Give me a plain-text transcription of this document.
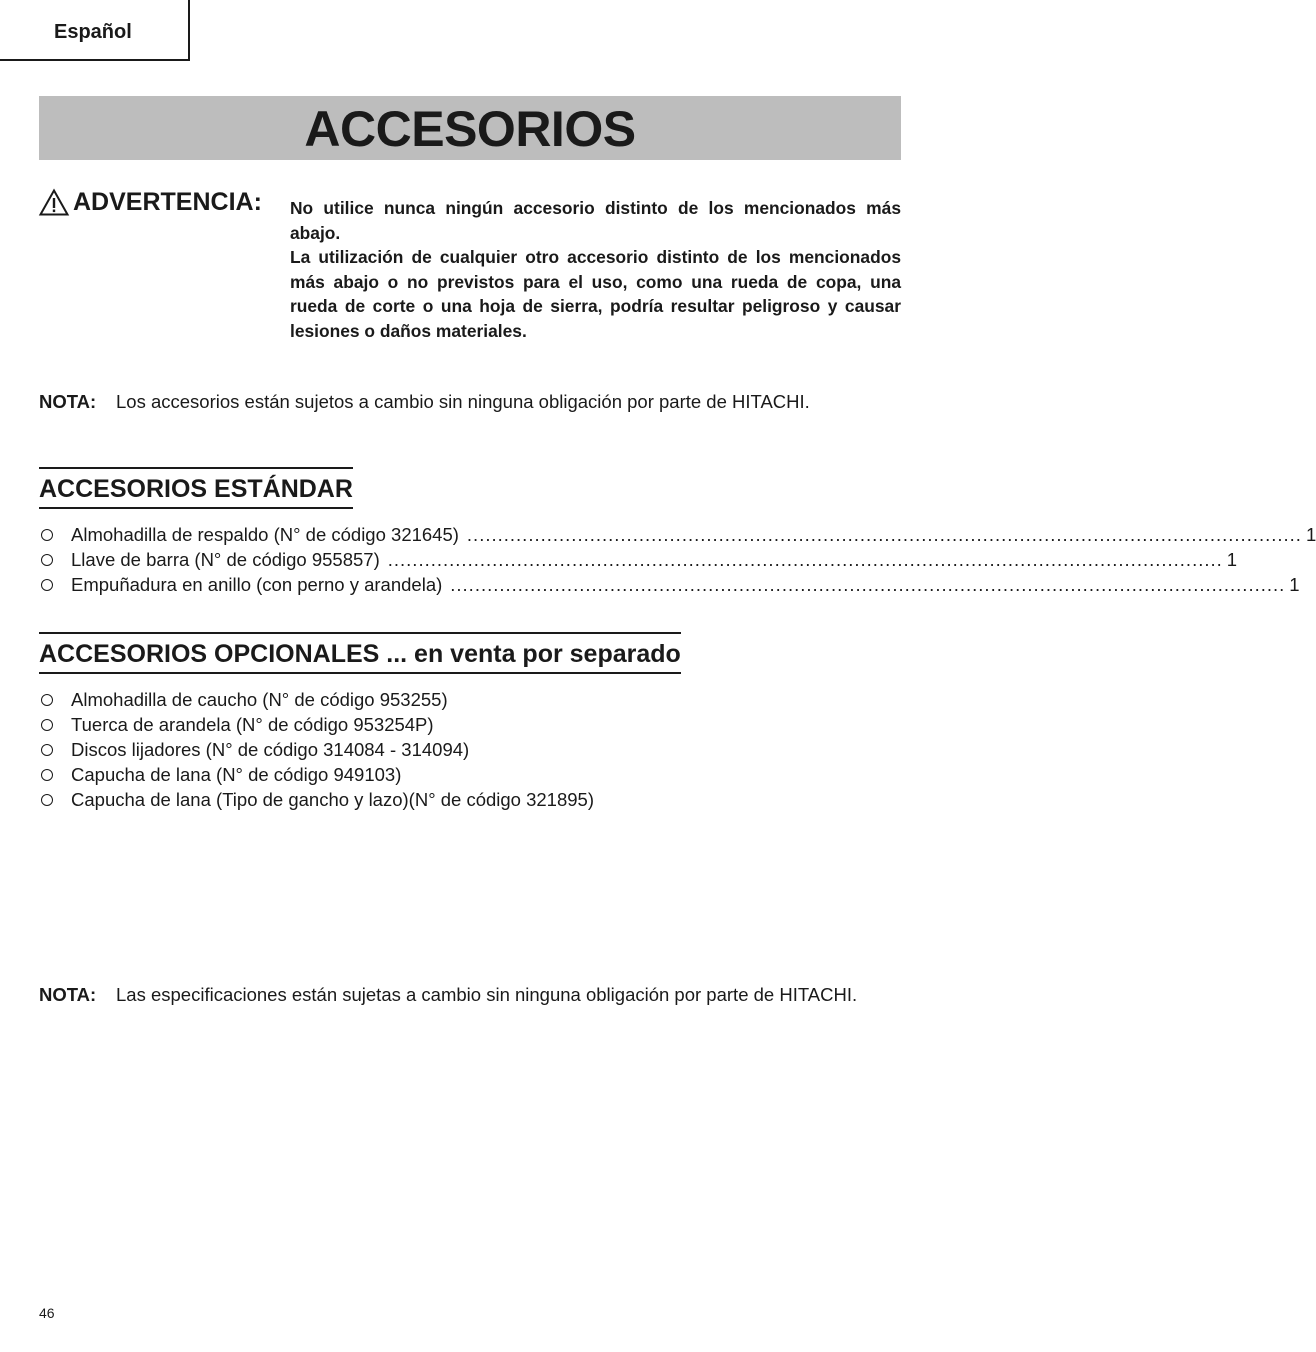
Español
ACCESORIOS
ADVERTENCIA: No utilice nunca ningún accesorio distinto de los mencionados más abajo.

La utilización de cualquier otro accesorio distinto de los mencionados más abajo o no previstos para el uso, como una rueda de copa, una rueda de corte o una hoja de sierra, podría resultar peligroso y causar lesiones o daños materiales.

NOTA: Los accesorios están sujetos a cambio sin ninguna obligación por parte de HITACHI.
ACCESORIOS ESTÁNDAR
Almohadilla de respaldo (N° de código 321645) ........................................................................................................................................ 1
Llave de barra (N° de código 955857) ........................................................................................................................................ 1
Empuñadura en anillo (con perno y arandela) ........................................................................................................................................ 1
ACCESORIOS OPCIONALES ... en venta por separado
Almohadilla de caucho (N° de código 953255)
Tuerca de arandela (N° de código 953254P)
Discos lijadores (N° de código 314084 - 314094)
Capucha de lana (N° de código 949103)
Capucha de lana (Tipo de gancho y lazo)(N° de código 321895)
NOTA: Las especificaciones están sujetas a cambio sin ninguna obligación por parte de HITACHI.
46
